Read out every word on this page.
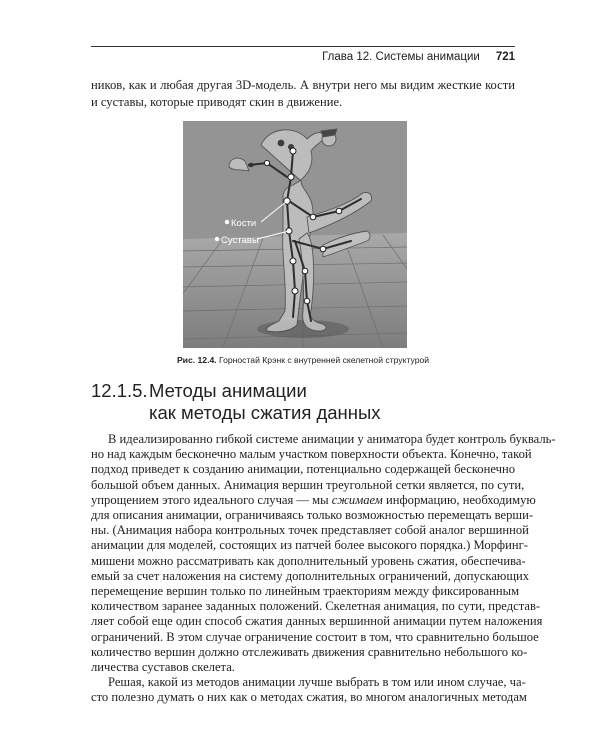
Глава 12. Системы анимации 721
ников, как и любая другая 3D-модель. А внутри него мы видим жесткие кости
и суставы, которые приводят скин в движение.
Кости
Суставы
Рис. 12.4. Горностай Крэнк с внутренней скелетной структурой
12.1.5.Методы анимации
как методы сжатия данных
В идеализированно гибкой системе анимации у аниматора будет контроль букваль-
но над каждым бесконечно малым участком поверхности объекта. Конечно, такой
подход приведет к созданию анимации, потенциально содержащей бесконечно
большой объем данных. Анимация вершин треугольной сетки является, по сути,
упрощением этого идеального случая — мы сжимаем информацию, необходимую
для описания анимации, ограничиваясь только возможностью перемещать верши-
ны. (Анимация набора контрольных точек представляет собой аналог вершинной
анимации для моделей, состоящих из патчей более высокого порядка.) Морфинг-
мишени можно рассматривать как дополнительный уровень сжатия, обеспечива-
емый за счет наложения на систему дополнительных ограничений, допускающих
перемещение вершин только по линейным траекториям между фиксированным
количеством заранее заданных положений. Скелетная анимация, по сути, представ-
ляет собой еще один способ сжатия данных вершинной анимации путем наложения
ограничений. В этом случае ограничение состоит в том, что сравнительно большое
количество вершин должно отслеживать движения сравнительно небольшого ко-
личества суставов скелета.
Решая, какой из методов анимации лучше выбрать в том или ином случае, ча-
сто полезно думать о них как о методах сжатия, во многом аналогичных методам
